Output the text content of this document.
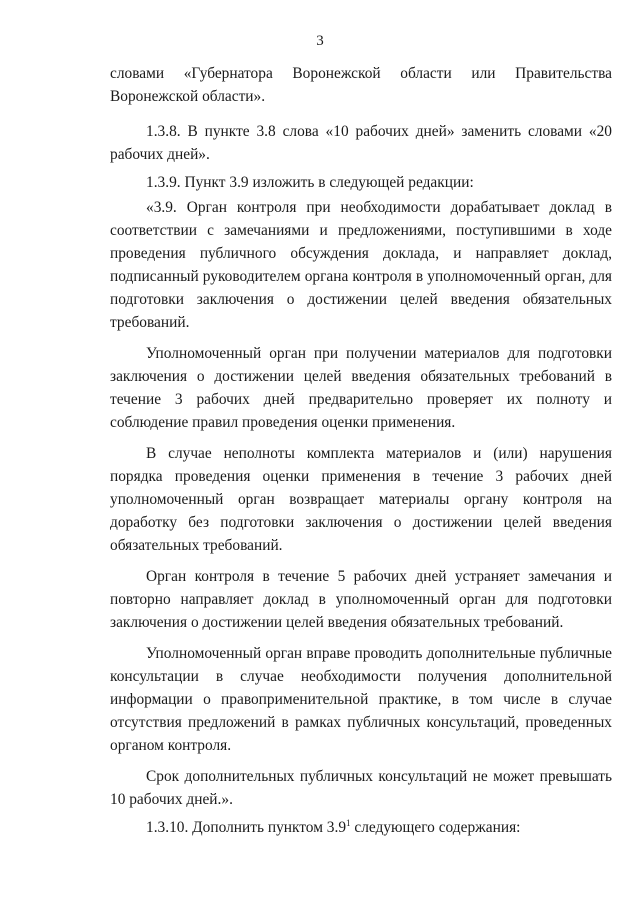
3

словами «Губернатора Воронежской области или Правительства Воронежской области».

1.3.8. В пункте 3.8 слова «10 рабочих дней» заменить словами «20 рабочих дней».

1.3.9. Пункт 3.9 изложить в следующей редакции:

«3.9. Орган контроля при необходимости дорабатывает доклад в соответствии с замечаниями и предложениями, поступившими в ходе проведения публичного обсуждения доклада, и направляет доклад, подписанный руководителем органа контроля в уполномоченный орган, для подготовки заключения о достижении целей введения обязательных требований.

Уполномоченный орган при получении материалов для подготовки заключения о достижении целей введения обязательных требований в течение 3 рабочих дней предварительно проверяет их полноту и соблюдение правил проведения оценки применения.

В случае неполноты комплекта материалов и (или) нарушения порядка проведения оценки применения в течение 3 рабочих дней уполномоченный орган возвращает материалы органу контроля на доработку без подготовки заключения о достижении целей введения обязательных требований.

Орган контроля в течение 5 рабочих дней устраняет замечания и повторно направляет доклад в уполномоченный орган для подготовки заключения о достижении целей введения обязательных требований.

Уполномоченный орган вправе проводить дополнительные публичные консультации в случае необходимости получения дополнительной информации о правоприменительной практике, в том числе в случае отсутствия предложений в рамках публичных консультаций, проведенных органом контроля.

Срок дополнительных публичных консультаций не может превышать 10 рабочих дней.».

1.3.10. Дополнить пунктом $3.9^1$ следующего содержания:
